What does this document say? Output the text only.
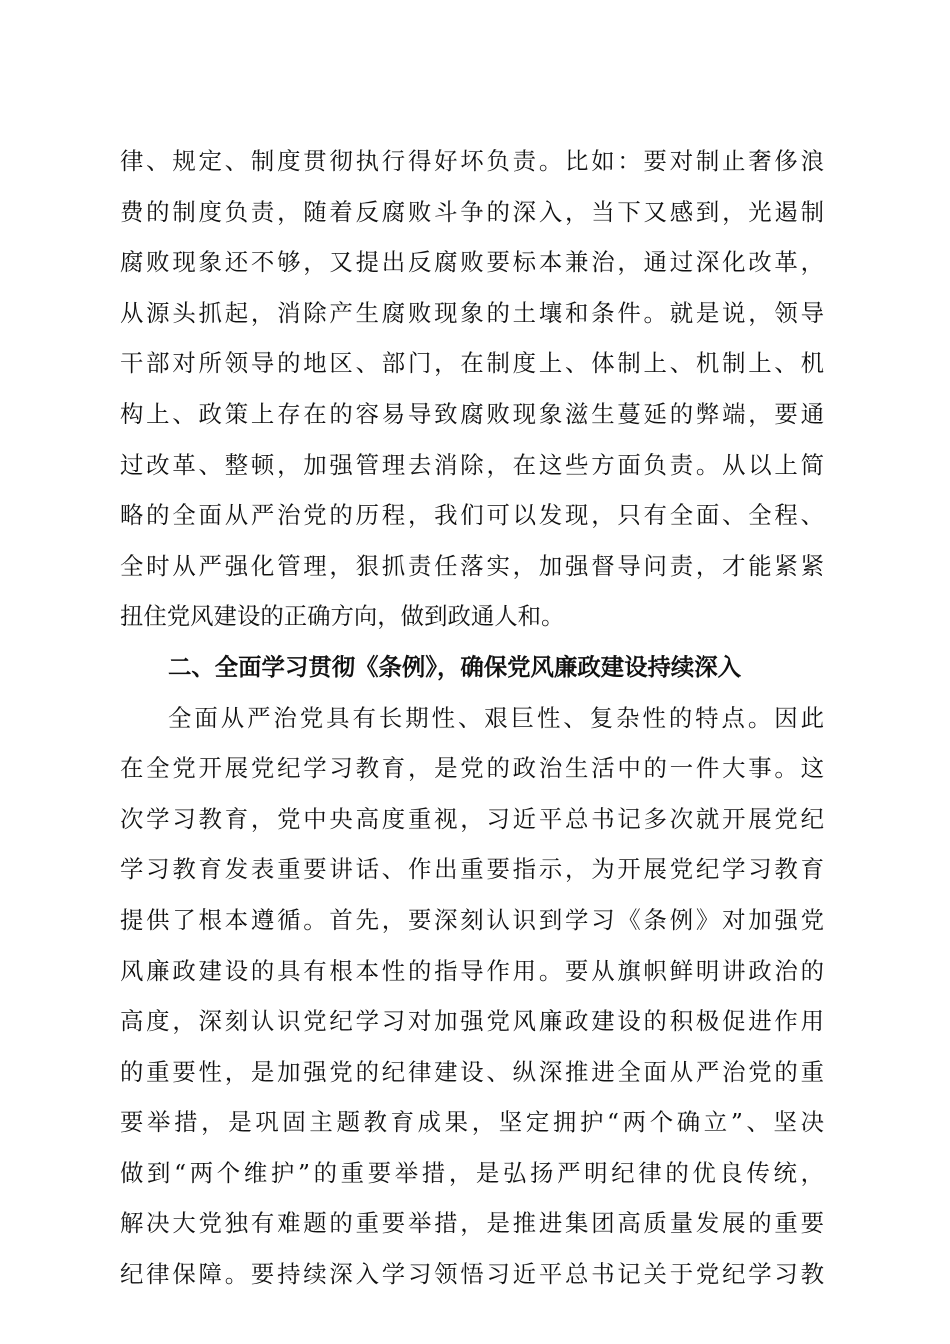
律、规定、制度贯彻执行得好坏负责。比如：要对制止奢侈浪
费的制度负责，随着反腐败斗争的深入，当下又感到，光遏制
腐败现象还不够，又提出反腐败要标本兼治，通过深化改革，
从源头抓起，消除产生腐败现象的土壤和条件。就是说，领导
干部对所领导的地区、部门，在制度上、体制上、机制上、机
构上、政策上存在的容易导致腐败现象滋生蔓延的弊端，要通
过改革、整顿，加强管理去消除，在这些方面负责。从以上简
略的全面从严治党的历程，我们可以发现，只有全面、全程、
全时从严强化管理，狠抓责任落实，加强督导问责，才能紧紧
扭住党风建设的正确方向，做到政通人和。
二、全面学习贯彻《条例》，确保党风廉政建设持续深入
全面从严治党具有长期性、艰巨性、复杂性的特点。因此
在全党开展党纪学习教育，是党的政治生活中的一件大事。这
次学习教育，党中央高度重视，习近平总书记多次就开展党纪
学习教育发表重要讲话、作出重要指示，为开展党纪学习教育
提供了根本遵循。首先，要深刻认识到学习《条例》对加强党
风廉政建设的具有根本性的指导作用。要从旗帜鲜明讲政治的
高度，深刻认识党纪学习对加强党风廉政建设的积极促进作用
的重要性，是加强党的纪律建设、纵深推进全面从严治党的重
要举措，是巩固主题教育成果，坚定拥护“两个确立”、坚决
做到“两个维护”的重要举措，是弘扬严明纪律的优良传统，
解决大党独有难题的重要举措，是推进集团高质量发展的重要
纪律保障。要持续深入学习领悟习近平总书记关于党纪学习教
